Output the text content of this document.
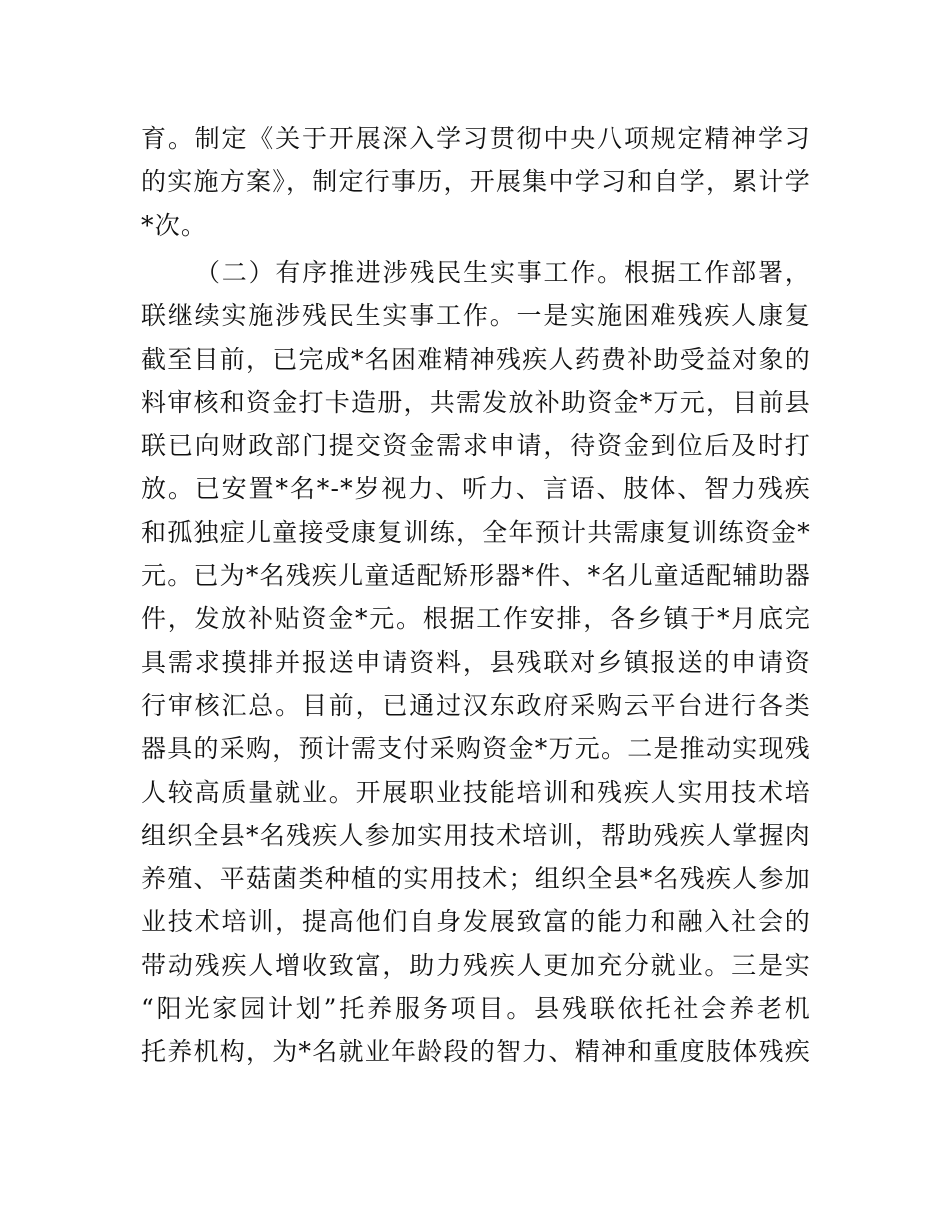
育。制定《关于开展深入学习贯彻中央八项规定精神学习
的实施方案》，制定行事历，开展集中学习和自学，累计学
*次。
（二）有序推进涉残民生实事工作。根据工作部署，
联继续实施涉残民生实事工作。一是实施困难残疾人康复
截至目前，已完成*名困难精神残疾人药费补助受益对象的
料审核和资金打卡造册，共需发放补助资金*万元，目前县
联已向财政部门提交资金需求申请，待资金到位后及时打
放。已安置*名*-*岁视力、听力、言语、肢体、智力残疾
和孤独症儿童接受康复训练，全年预计共需康复训练资金*
元。已为*名残疾儿童适配矫形器*件、*名儿童适配辅助器
件，发放补贴资金*元。根据工作安排，各乡镇于*月底完
具需求摸排并报送申请资料，县残联对乡镇报送的申请资
行审核汇总。目前，已通过汉东政府采购云平台进行各类
器具的采购，预计需支付采购资金*万元。二是推动实现残
人较高质量就业。开展职业技能培训和残疾人实用技术培
组织全县*名残疾人参加实用技术培训，帮助残疾人掌握肉
养殖、平菇菌类种植的实用技术；组织全县*名残疾人参加
业技术培训，提高他们自身发展致富的能力和融入社会的
带动残疾人增收致富，助力残疾人更加充分就业。三是实
“阳光家园计划”托养服务项目。县残联依托社会养老机
托养机构，为*名就业年龄段的智力、精神和重度肢体残疾
